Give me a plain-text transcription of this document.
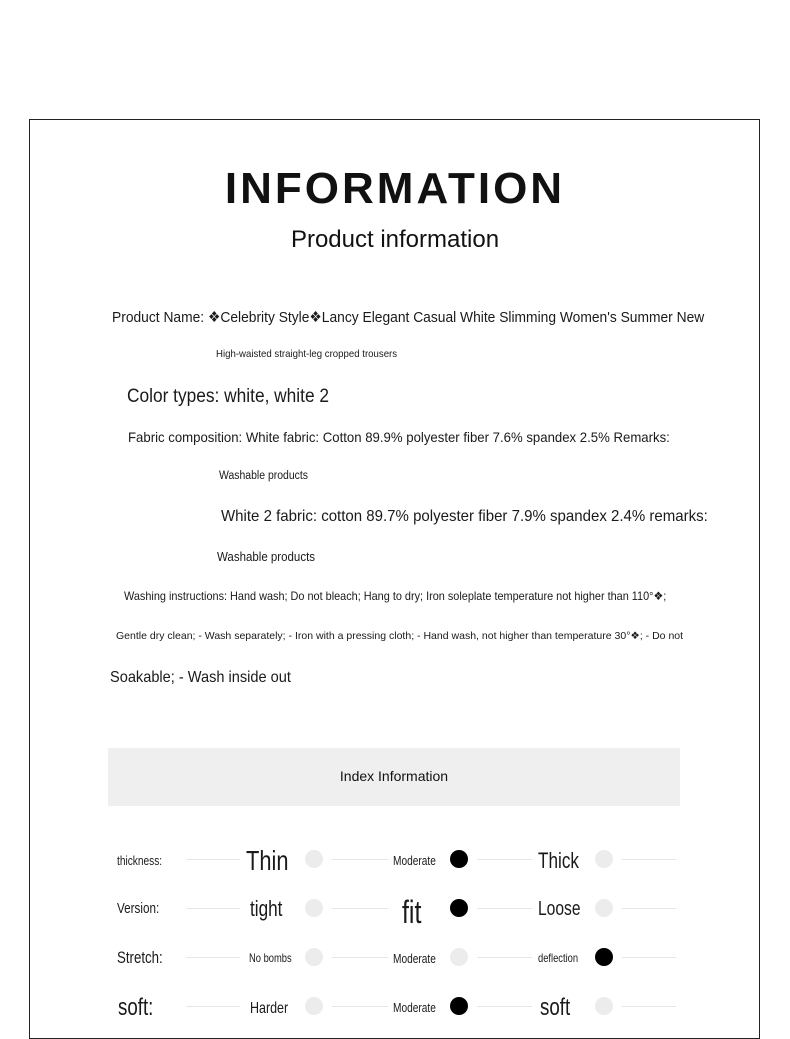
INFORMATION
Product information
Product Name: ❖Celebrity Style❖Lancy Elegant Casual White Slimming Women's Summer New
High-waisted straight-leg cropped trousers
Color types: white, white 2
Fabric composition: White fabric: Cotton 89.9% polyester fiber 7.6% spandex 2.5% Remarks:
Washable products
White 2 fabric: cotton 89.7% polyester fiber 7.9% spandex 2.4% remarks:
Washable products
Washing instructions: Hand wash; Do not bleach; Hang to dry; Iron soleplate temperature not higher than 110°❖;
Gentle dry clean; - Wash separately; - Iron with a pressing cloth; - Hand wash, not higher than temperature 30°❖; - Do not
Soakable; - Wash inside out
Index Information
thickness:	Thin	Moderate	Thick
Version:	tight	fit	Loose
Stretch:	No bombs	Moderate	deflection
soft:	Harder	Moderate	soft
